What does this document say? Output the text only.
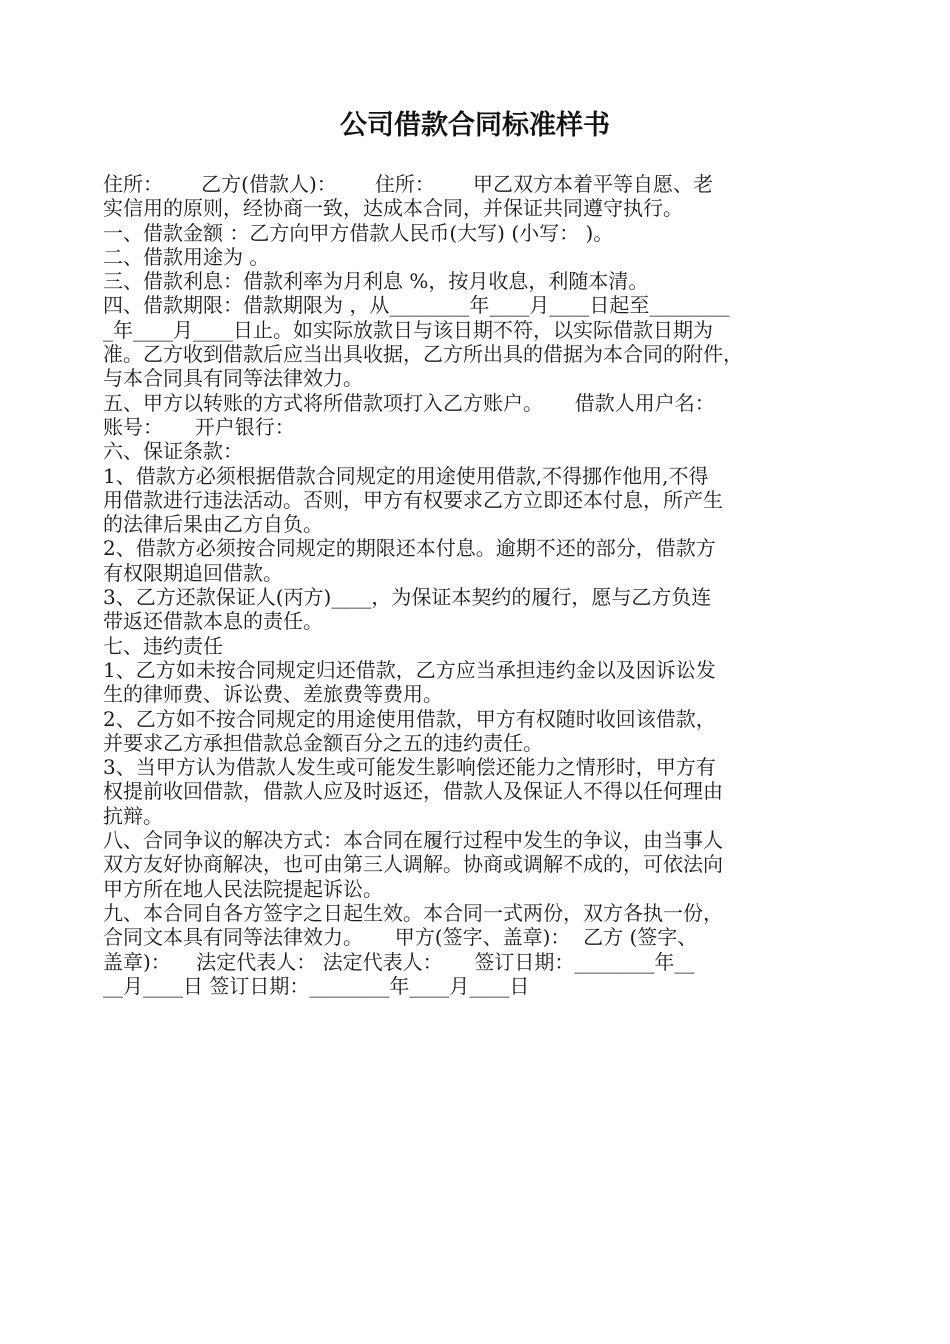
公司借款合同标准样书
住所：      乙方(借款人)：      住所：      甲乙双方本着平等自愿、老
实信用的原则，经协商一致，达成本合同，并保证共同遵守执行。
一、借款金额 ：乙方向甲方借款人民币(大写) (小写： )。
二、借款用途为 。
三、借款利息：借款利率为月利息 %，按月收息，利随本清。
四、借款期限：借款期限为 ，从________年____月____日起至________
_年____月____日止。如实际放款日与该日期不符，以实际借款日期为
准。乙方收到借款后应当出具收据，乙方所出具的借据为本合同的附件，
与本合同具有同等法律效力。
五、甲方以转账的方式将所借款项打入乙方账户。     借款人用户名：
账号：     开户银行：
六、保证条款：
1、借款方必须根据借款合同规定的用途使用借款,不得挪作他用,不得
用借款进行违法活动。否则，甲方有权要求乙方立即还本付息，所产生
的法律后果由乙方自负。
2、借款方必须按合同规定的期限还本付息。逾期不还的部分，借款方
有权限期追回借款。
3、乙方还款保证人(丙方)____，为保证本契约的履行，愿与乙方负连
带返还借款本息的责任。
七、违约责任
1、乙方如未按合同规定归还借款，乙方应当承担违约金以及因诉讼发
生的律师费、诉讼费、差旅费等费用。
2、乙方如不按合同规定的用途使用借款，甲方有权随时收回该借款，
并要求乙方承担借款总金额百分之五的违约责任。
3、当甲方认为借款人发生或可能发生影响偿还能力之情形时，甲方有
权提前收回借款，借款人应及时返还，借款人及保证人不得以任何理由
抗辩。
八、合同争议的解决方式：本合同在履行过程中发生的争议，由当事人
双方友好协商解决，也可由第三人调解。协商或调解不成的，可依法向
甲方所在地人民法院提起诉讼。
九、本合同自各方签字之日起生效。本合同一式两份，双方各执一份，
合同文本具有同等法律效力。     甲方(签字、盖章)：  乙方 (签字、
盖章)：    法定代表人： 法定代表人：     签订日期：________年__
__月____日 签订日期：________年____月____日
